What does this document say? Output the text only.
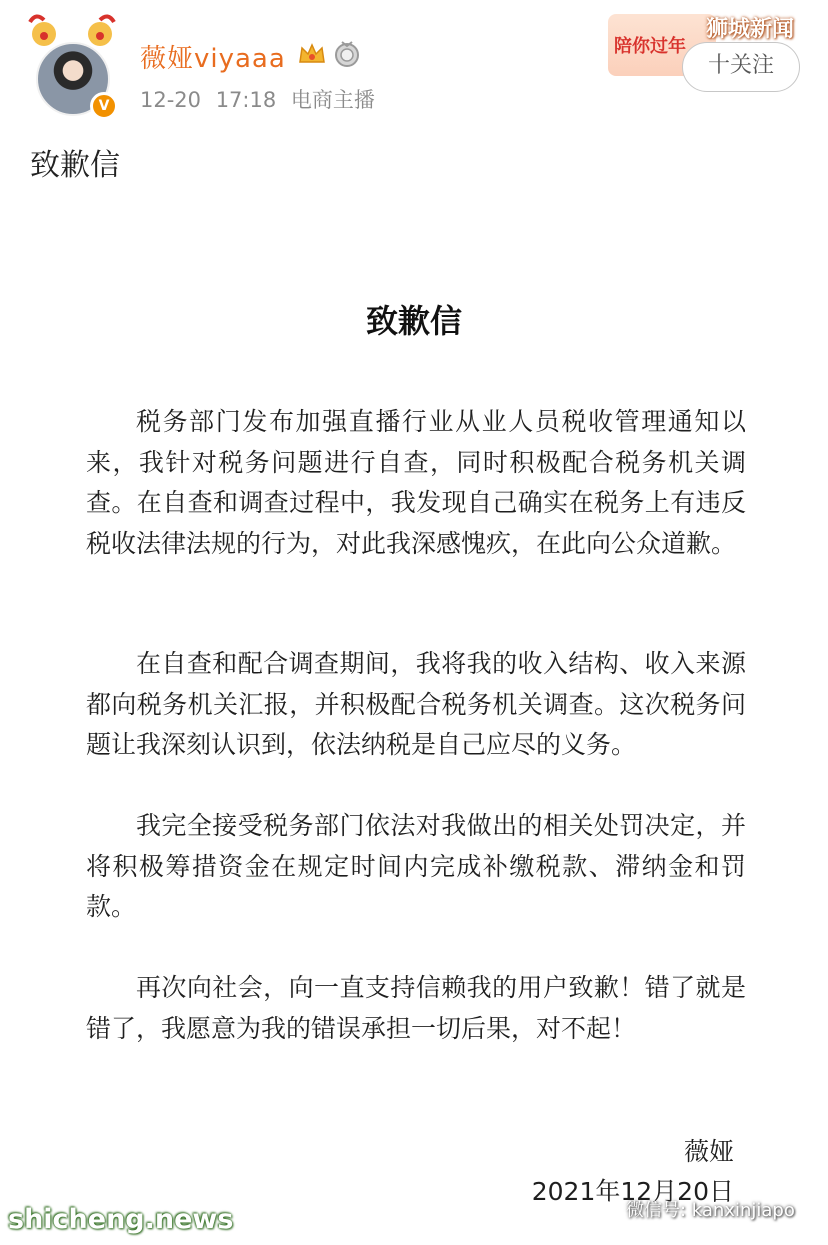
V
薇娅viyaaa
12-20 17:18 电商主播
陪你过年
狮城新闻
十关注
致歉信
致歉信
税务部门发布加强直播行业从业人员税收管理通知以来，我针对税务问题进行自查，同时积极配合税务机关调查。在自查和调查过程中，我发现自己确实在税务上有违反税收法律法规的行为，对此我深感愧疚，在此向公众道歉。
在自查和配合调查期间，我将我的收入结构、收入来源都向税务机关汇报，并积极配合税务机关调查。这次税务问题让我深刻认识到，依法纳税是自己应尽的义务。
我完全接受税务部门依法对我做出的相关处罚决定，并将积极筹措资金在规定时间内完成补缴税款、滞纳金和罚款。
再次向社会，向一直支持信赖我的用户致歉！错了就是错了，我愿意为我的错误承担一切后果，对不起！
薇娅
2021年12月20日
shicheng.news	微信号: kanxinjiapo
